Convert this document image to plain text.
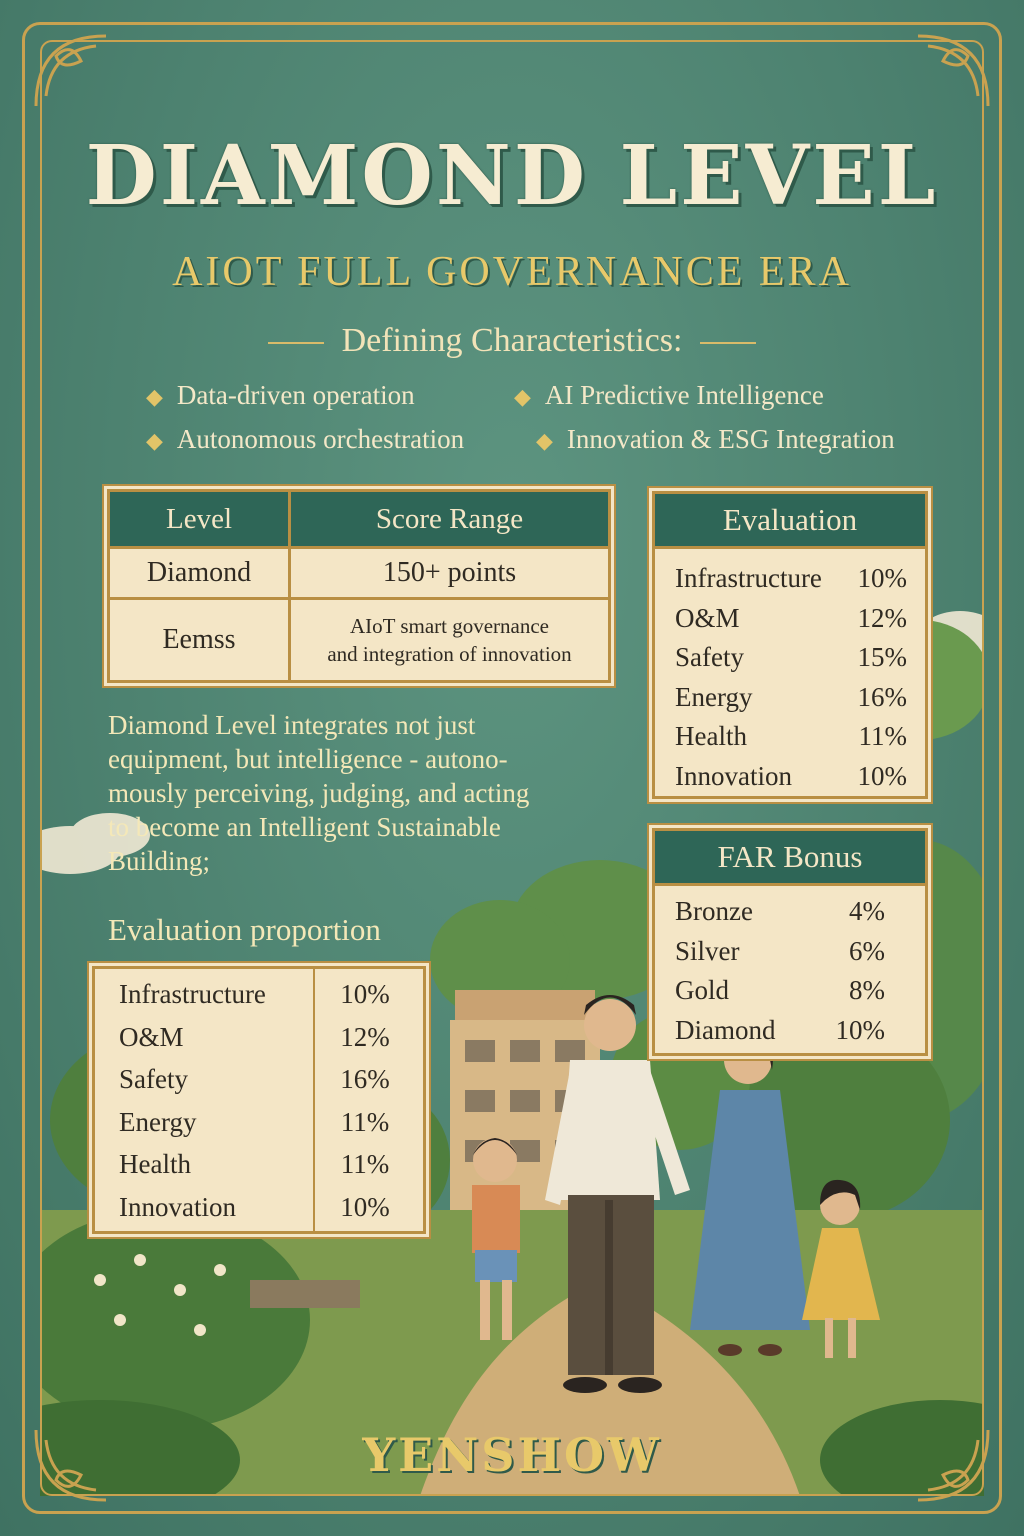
DIAMOND LEVEL
AIOT FULL GOVERNANCE ERA
Defining Characteristics:
◆ Data-driven operation	◆ AI Predictive Intelligence
◆ Autonomous orchestration	◆ Innovation & ESG Integration
Level	Score Range
Diamond	150+ points
Eemss	AIoT smart governance
and integration of innovation
Evaluation
Infrastructure 10%
O&M	12%
Safety	15%
Energy	16%
Health	11%
Innovation 10%
FAR Bonus
Bronze	4%
Silver	6%
Gold	8%
Diamond 10%
Diamond Level integrates not just
equipment, but intelligence - autono-
mously perceiving, judging, and acting
to become an Intelligent Sustainable
Building;
Evaluation proportion
Infrastructure	10%
O&M	12%
Safety	16%
Energy	11%
Health	11%
Innovation	10%
YENSHOW
